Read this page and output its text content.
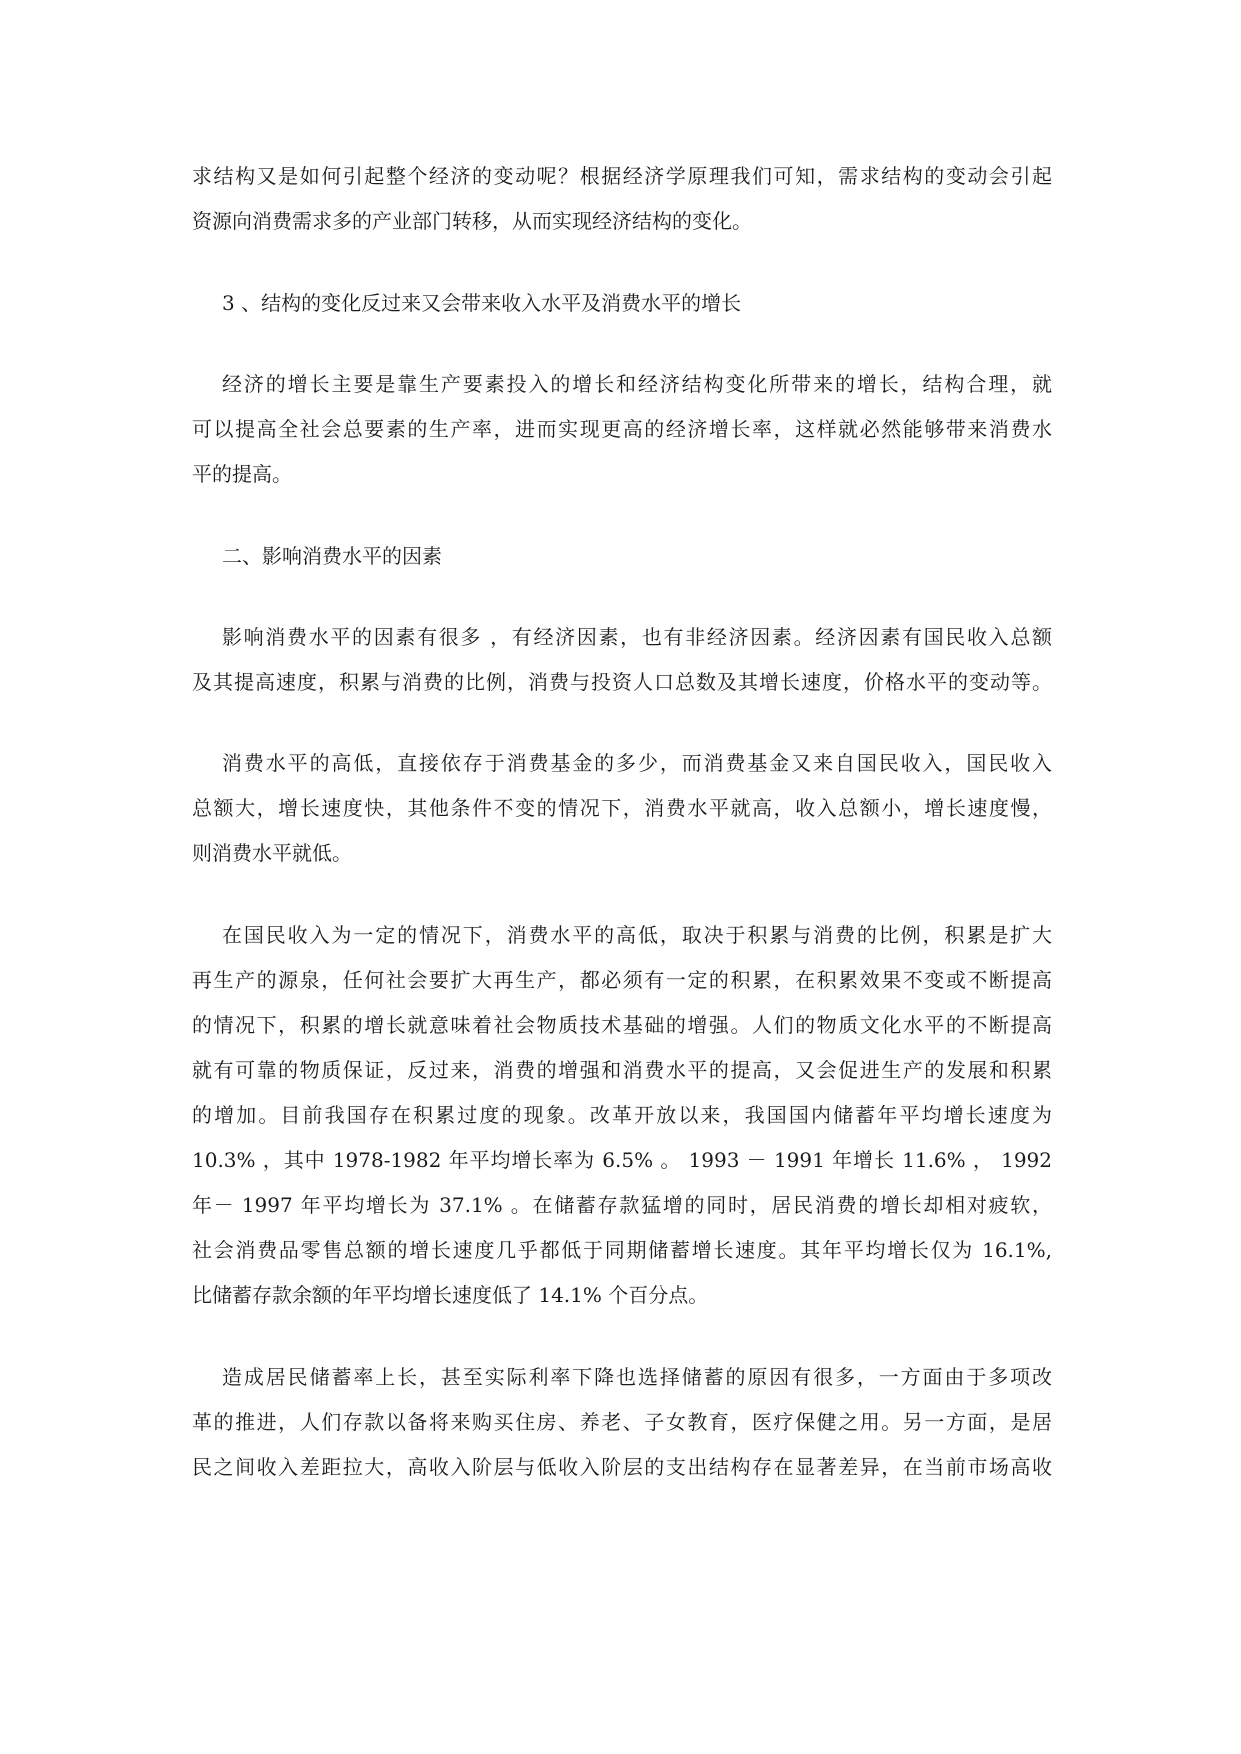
求结构又是如何引起整个经济的变动呢？根据经济学原理我们可知，需求结构的变动会引起
资源向消费需求多的产业部门转移，从而实现经济结构的变化。
3 、结构的变化反过来又会带来收入水平及消费水平的增长
经济的增长主要是靠生产要素投入的增长和经济结构变化所带来的增长，结构合理，就
可以提高全社会总要素的生产率，进而实现更高的经济增长率，这样就必然能够带来消费水
平的提高。
二、影响消费水平的因素
影响消费水平的因素有很多 ，有经济因素，也有非经济因素。经济因素有国民收入总额
及其提高速度，积累与消费的比例，消费与投资人口总数及其增长速度，价格水平的变动等。
消费水平的高低，直接依存于消费基金的多少，而消费基金又来自国民收入，国民收入
总额大，增长速度快，其他条件不变的情况下，消费水平就高，收入总额小，增长速度慢，
则消费水平就低。
在国民收入为一定的情况下，消费水平的高低，取决于积累与消费的比例，积累是扩大
再生产的源泉，任何社会要扩大再生产，都必须有一定的积累，在积累效果不变或不断提高
的情况下，积累的增长就意味着社会物质技术基础的增强。人们的物质文化水平的不断提高
就有可靠的物质保证，反过来，消费的增强和消费水平的提高，又会促进生产的发展和积累
的增加。目前我国存在积累过度的现象。改革开放以来，我国国内储蓄年平均增长速度为
10.3% ，其中 1978-1982 年平均增长率为 6.5% 。 1993 － 1991 年增长 11.6% ， 1992
年－ 1997 年平均增长为 37.1% 。在储蓄存款猛增的同时，居民消费的增长却相对疲软，
社会消费品零售总额的增长速度几乎都低于同期储蓄增长速度。其年平均增长仅为 16.1%,
比储蓄存款余额的年平均增长速度低了 14.1% 个百分点。
造成居民储蓄率上长，甚至实际利率下降也选择储蓄的原因有很多，一方面由于多项改
革的推进，人们存款以备将来购买住房、养老、子女教育，医疗保健之用。另一方面，是居
民之间收入差距拉大，高收入阶层与低收入阶层的支出结构存在显著差异，在当前市场高收
